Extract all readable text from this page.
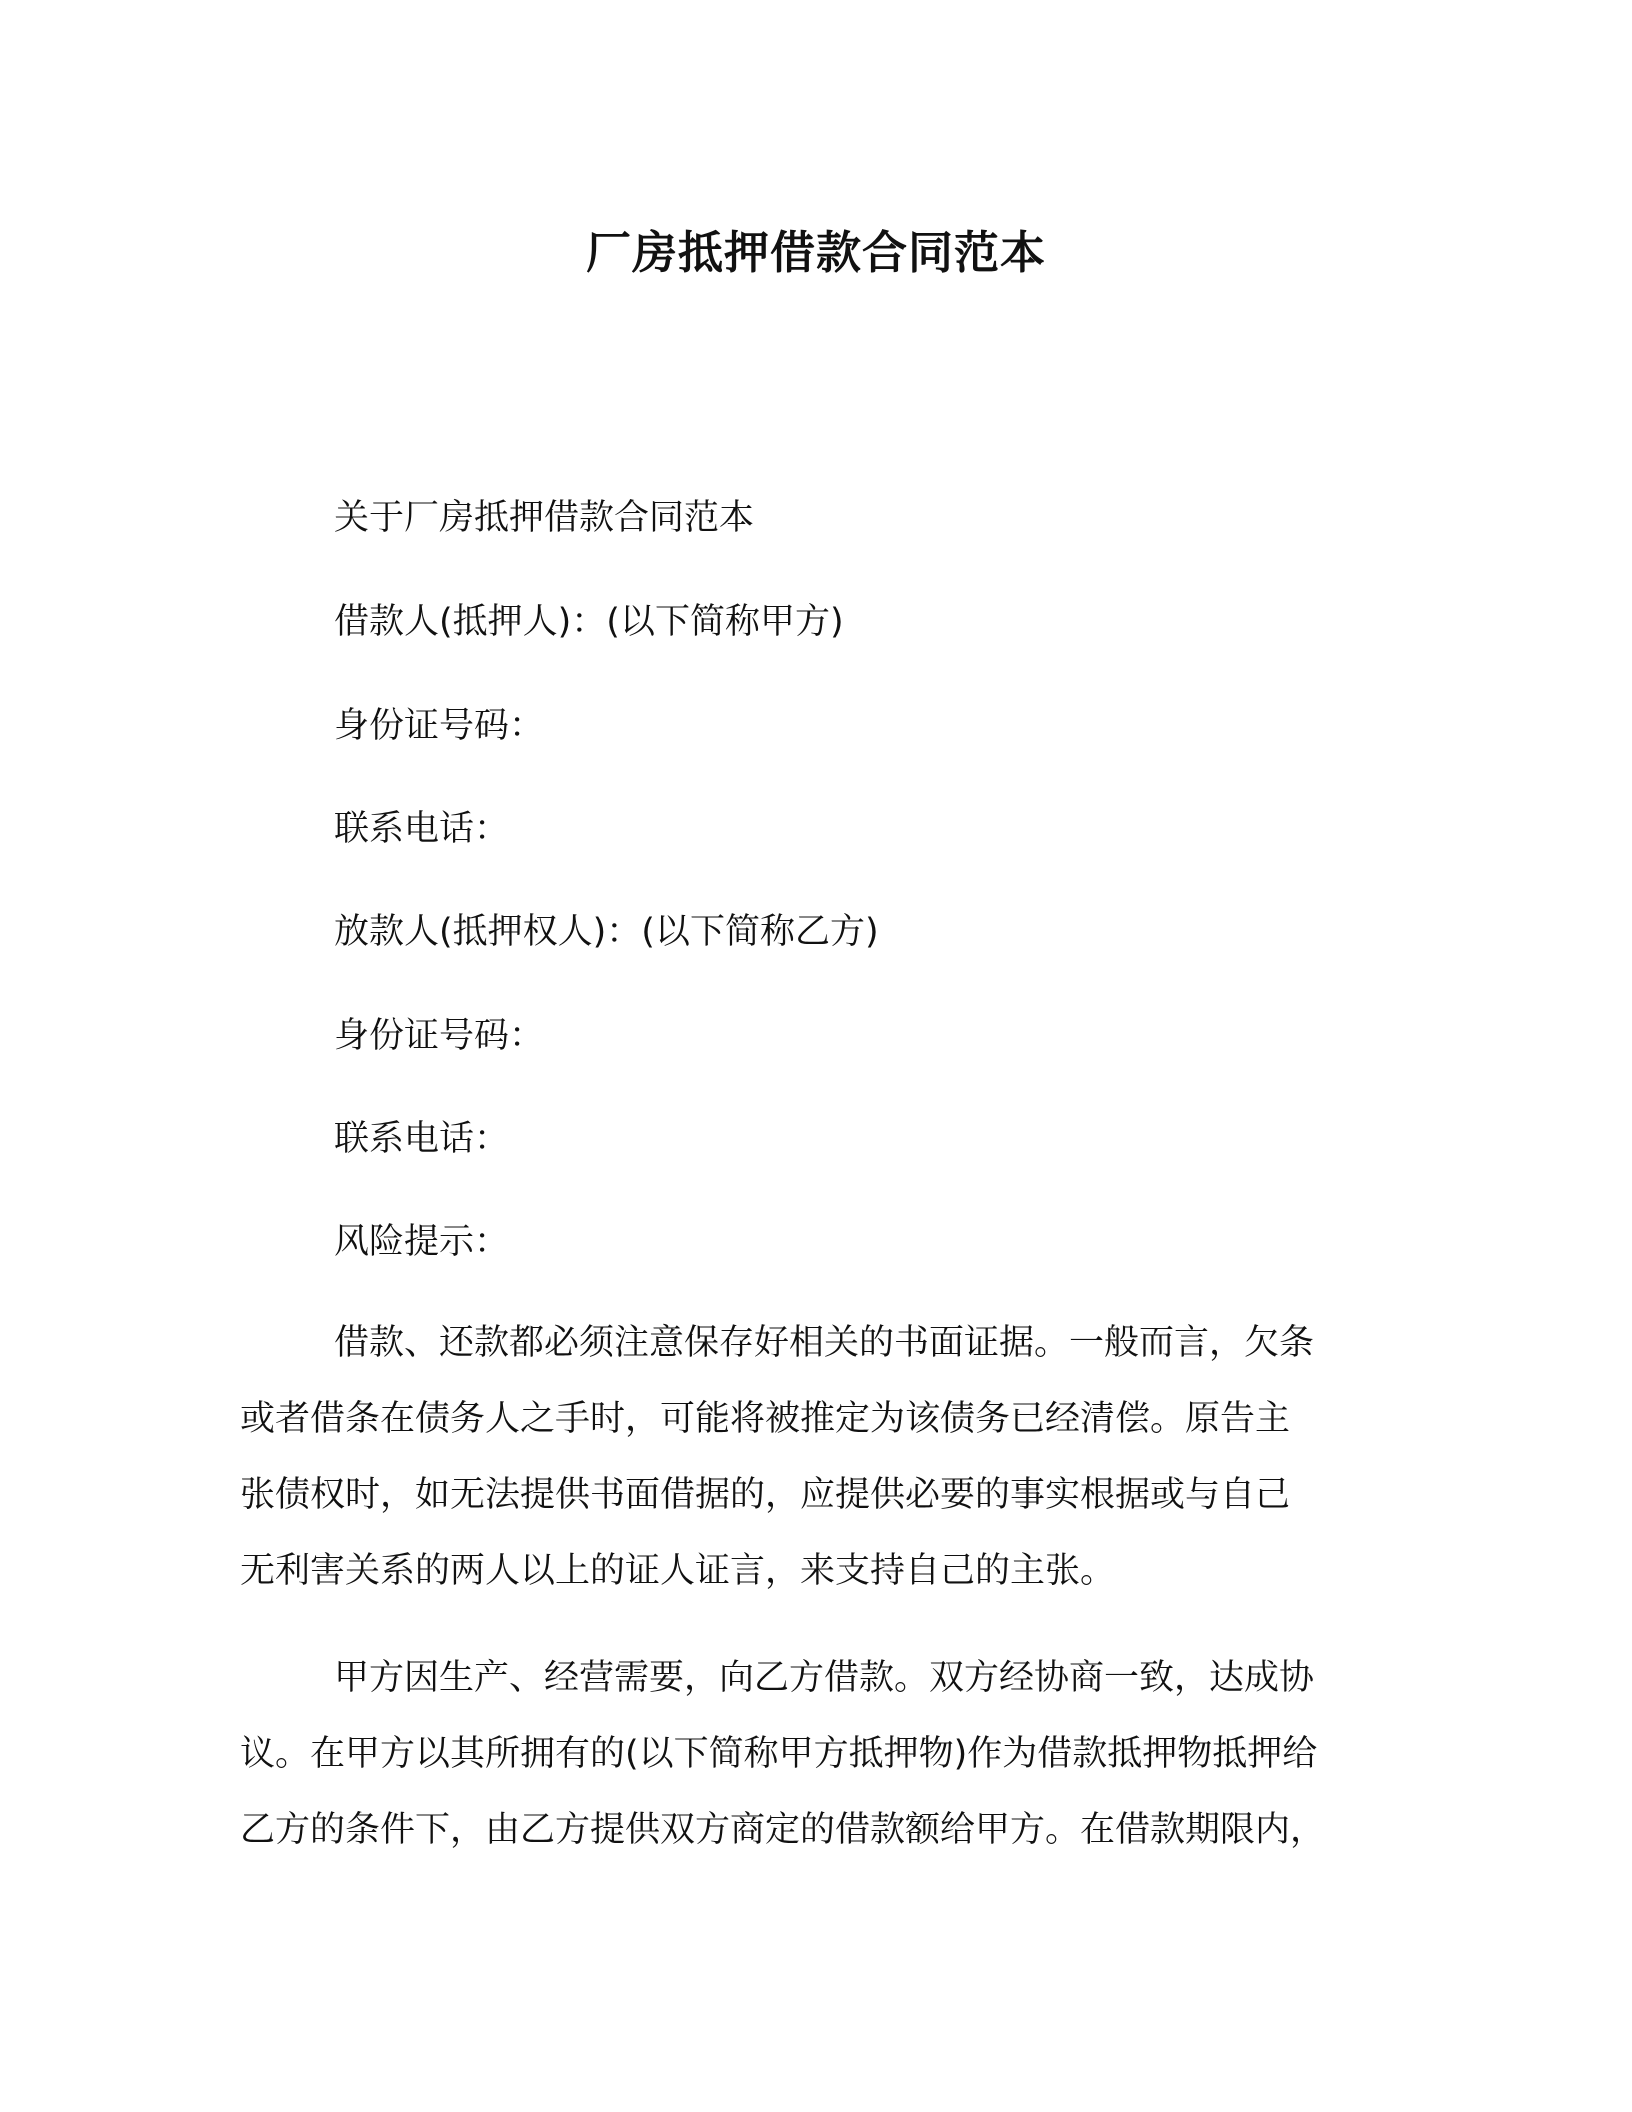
厂房抵押借款合同范本
关于厂房抵押借款合同范本
借款人(抵押人)：(以下简称甲方)
身份证号码：
联系电话：
放款人(抵押权人)：(以下简称乙方)
身份证号码：
联系电话：
风险提示：
借款、还款都必须注意保存好相关的书面证据。一般而言，欠条
或者借条在债务人之手时，可能将被推定为该债务已经清偿。原告主
张债权时，如无法提供书面借据的，应提供必要的事实根据或与自己
无利害关系的两人以上的证人证言，来支持自己的主张。
甲方因生产、经营需要，向乙方借款。双方经协商一致，达成协
议。在甲方以其所拥有的(以下简称甲方抵押物)作为借款抵押物抵押给
乙方的条件下，由乙方提供双方商定的借款额给甲方。在借款期限内，
